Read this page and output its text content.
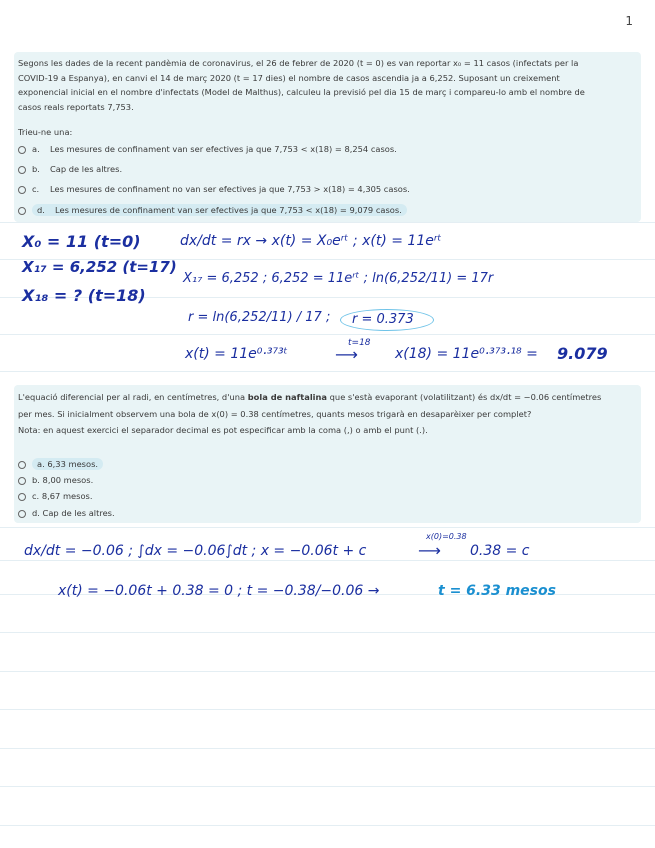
1
Segons les dades de la recent pandèmia de coronavirus, el 26 de febrer de 2020 (t = 0) es van reportar x₀ = 11 casos (infectats per la
COVID-19 a Espanya), en canvi el 14 de març 2020 (t = 17 dies) el nombre de casos ascendia ja a 6,252. Suposant un creixement
exponencial inicial en el nombre d'infectats (Model de Malthus), calculeu la previsió pel dia 15 de març i compareu-lo amb el nombre de
casos reals reportats 7,753.
Trieu-ne una:
a. Les mesures de confinament van ser efectives ja que 7,753 < x(18) = 8,254 casos.
b. Cap de les altres.
c. Les mesures de confinament no van ser efectives ja que 7,753 > x(18) = 4,305 casos.
d. Les mesures de confinament van ser efectives ja que 7,753 < x(18) = 9,079 casos.
X₀ = 11 (t=0)
X₁₇ = 6,252 (t=17)
X₁₈ = ? (t=18)
dx/dt = rx → x(t) = X₀eʳᵗ ; x(t) = 11eʳᵗ
X₁₇ = 6,252 ; 6,252 = 11eʳᵗ ; ln(6,252/11) = 17r
r = ln(6,252/11) / 17 ; r = 0.373
x(t) = 11e⁰·³⁷³ᵗ
t=18
⟶	x(18) = 11e⁰·³⁷³·¹⁸ = 9.079
L'equació diferencial per al radi, en centímetres, d'una bola de naftalina que s'està evaporant (volatilitzant) és dx/dt = −0.06 centímetres
per mes. Si inicialment observem una bola de x(0) = 0.38 centímetres, quants mesos trigarà en desaparèixer per complet?
Nota: en aquest exercici el separador decimal es pot especificar amb la coma (,) o amb el punt (.).
a. 6,33 mesos.
b. 8,00 mesos.
c. 8,67 mesos.
d. Cap de les altres.
dx/dt = −0.06 ; ∫dx = −0.06∫dt ; x = −0.06t + c
x(0)=0.38
⟶ 0.38 = c
x(t) = −0.06t + 0.38 = 0 ; t = −0.38/−0.06 →	t = 6.33 mesos
